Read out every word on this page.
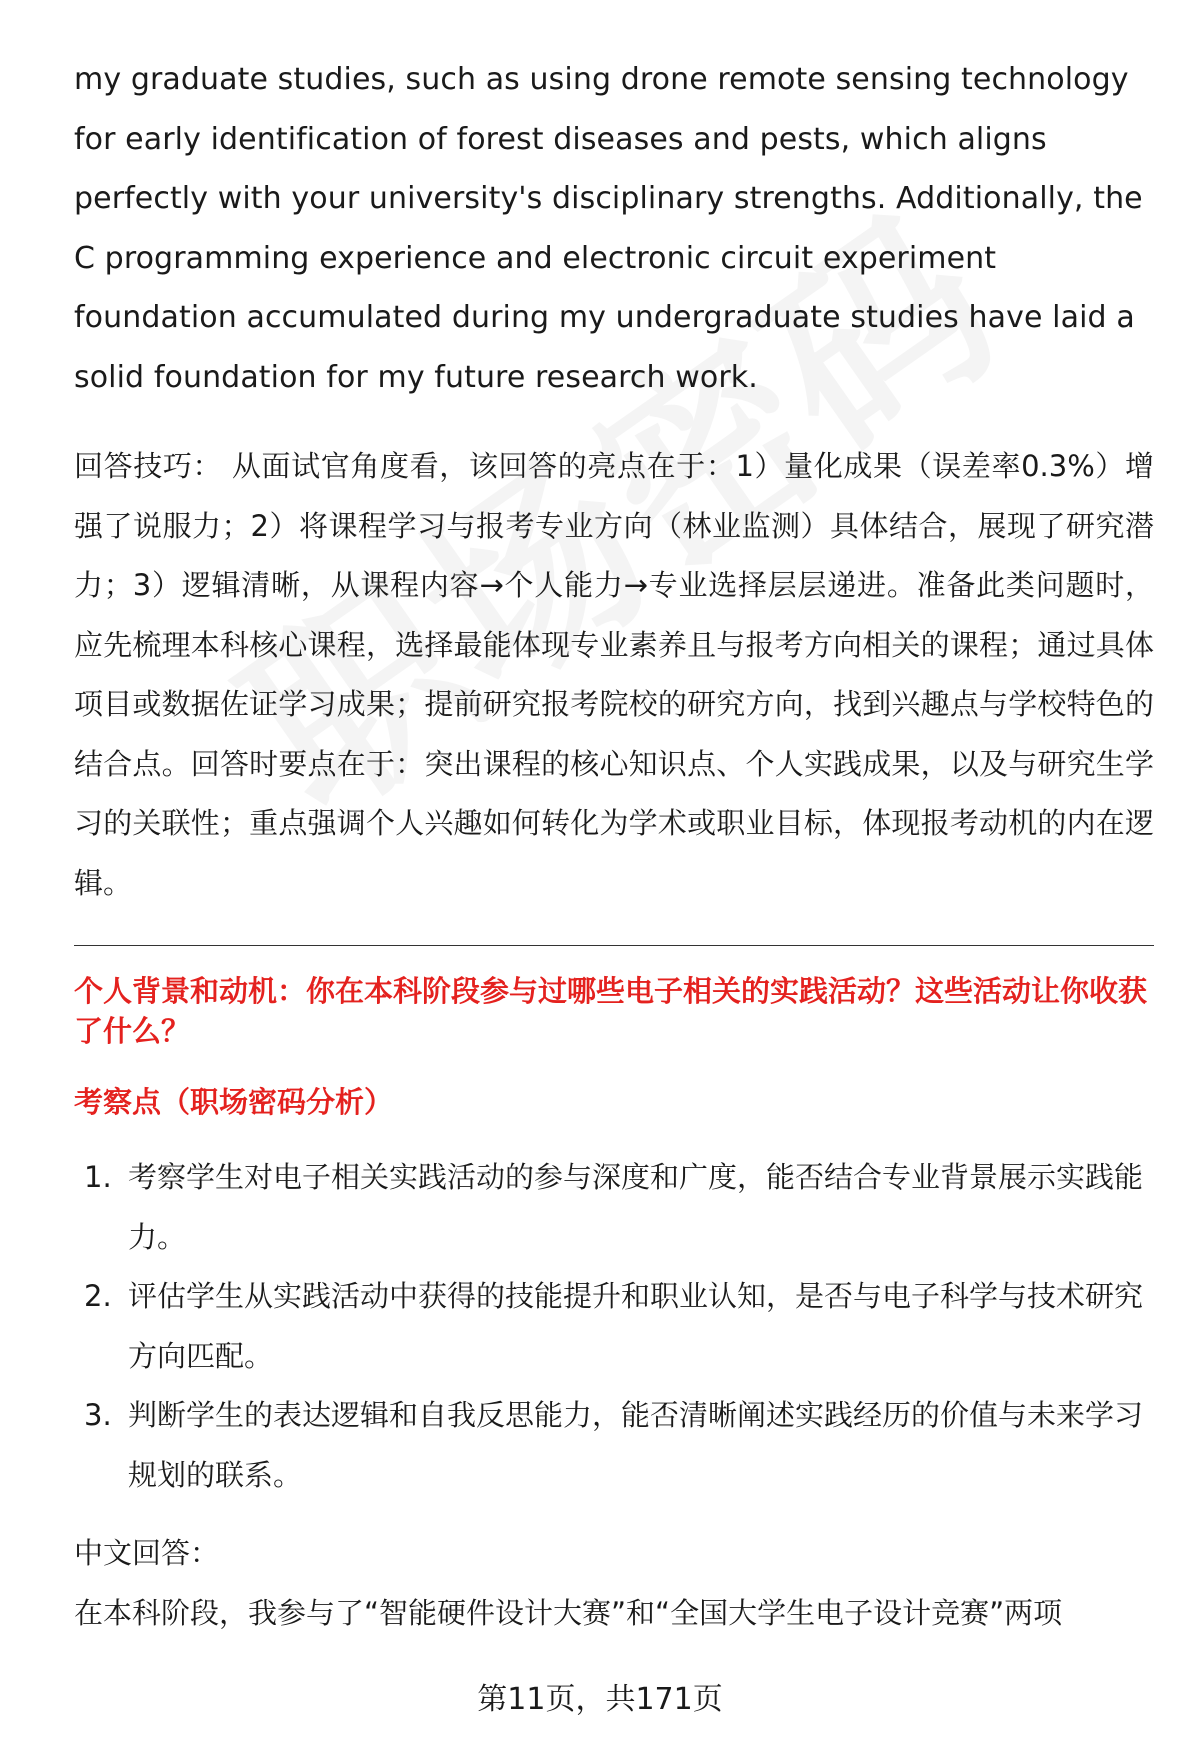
my graduate studies, such as using drone remote sensing technology for early identification of forest diseases and pests, which aligns perfectly with your university's disciplinary strengths. Additionally, the C programming experience and electronic circuit experiment foundation accumulated during my undergraduate studies have laid a solid foundation for my future research work.

回答技巧： 从面试官角度看，该回答的亮点在于：1）量化成果（误差率0.3%）增强了说服力；2）将课程学习与报考专业方向（林业监测）具体结合，展现了研究潜力；3）逻辑清晰，从课程内容→个人能力→专业选择层层递进。准备此类问题时，应先梳理本科核心课程，选择最能体现专业素养且与报考方向相关的课程；通过具体项目或数据佐证学习成果；提前研究报考院校的研究方向，找到兴趣点与学校特色的结合点。回答时要点在于：突出课程的核心知识点、个人实践成果，以及与研究生学习的关联性；重点强调个人兴趣如何转化为学术或职业目标，体现报考动机的内在逻辑。

个人背景和动机：你在本科阶段参与过哪些电子相关的实践活动？这些活动让你收获了什么？

考察点（职场密码分析）

1. 考察学生对电子相关实践活动的参与深度和广度，能否结合专业背景展示实践能力。
2. 评估学生从实践活动中获得的技能提升和职业认知，是否与电子科学与技术研究方向匹配。
3. 判断学生的表达逻辑和自我反思能力，能否清晰阐述实践经历的价值与未来学习规划的联系。

中文回答：

在本科阶段，我参与了“智能硬件设计大赛”和“全国大学生电子设计竞赛”两项

第11页，共171页
